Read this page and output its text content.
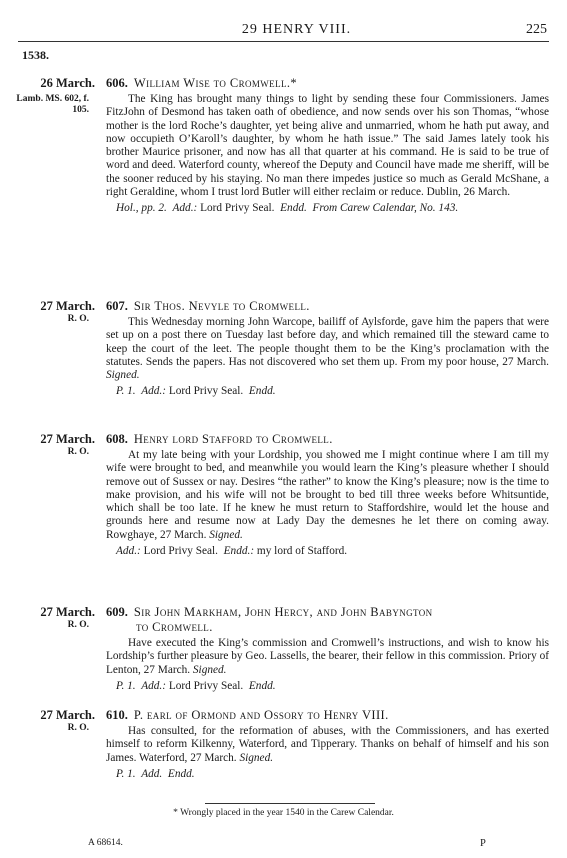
29 HENRY VIII.	225
1538.
26 March.
Lamb. MS. 602, f. 105.
606. William Wise to Cromwell.*

The King has brought many things to light by sending these four Commissioners. James FitzJohn of Desmond has taken oath of obedience, and now sends over his son Thomas, “whose mother is the lord Roche’s daughter, yet being alive and unmarried, whom he hath put away, and now occupieth O’Karoll’s daughter, by whom he hath issue.” The said James lately took his brother Maurice prisoner, and now has all that quarter at his command. He is said to be true of word and deed. Waterford county, whereof the Deputy and Council have made me sheriff, will be the sooner reduced by his staying. No man there impedes justice so much as Gerald McShane, a right Geraldine, whom I trust lord Butler will either reclaim or reduce. Dublin, 26 March.

Hol., pp. 2. Add.: Lord Privy Seal. Endd. From Carew Calendar, No. 143.

27 March.
R. O.
607. Sir Thos. Nevyle to Cromwell.

This Wednesday morning John Warcope, bailiff of Aylsforde, gave him the papers that were set up on a post there on Tuesday last before day, and which remained till the steward came to keep the court of the leet. The people thought them to be the King’s proclamation with the statutes. Sends the papers. Has not discovered who set them up. From my poor house, 27 March. Signed.

P. 1. Add.: Lord Privy Seal. Endd.

27 March.
R. O.
608. Henry lord Stafford to Cromwell.

At my late being with your Lordship, you showed me I might continue where I am till my wife were brought to bed, and meanwhile you would learn the King’s pleasure whether I should remove out of Sussex or nay. Desires “the rather” to know the King’s pleasure; now is the time to make provision, and his wife will not be brought to bed till three weeks before Whitsuntide, which shall be too late. If he knew he must return to Staffordshire, would let the house and grounds here and resume now at Lady Day the demesnes he let there on coming away. Rowghaye, 27 March. Signed.

Add.: Lord Privy Seal. Endd.: my lord of Stafford.

27 March.
R. O.
609. Sir John Markham, John Hercy, and John Babyngton
to Cromwell.

Have executed the King’s commission and Cromwell’s instructions, and wish to know his Lordship’s further pleasure by Geo. Lassells, the bearer, their fellow in this commission. Priory of Lenton, 27 March. Signed.

P. 1. Add.: Lord Privy Seal. Endd.

27 March.
R. O.
610. P. earl of Ormond and Ossory to Henry VIII.

Has consulted, for the reformation of abuses, with the Commissioners, and has exerted himself to reform Kilkenny, Waterford, and Tipperary. Thanks on behalf of himself and his son James. Waterford, 27 March. Signed.

P. 1. Add. Endd.

* Wrongly placed in the year 1540 in the Carew Calendar.
A 68614.	P
